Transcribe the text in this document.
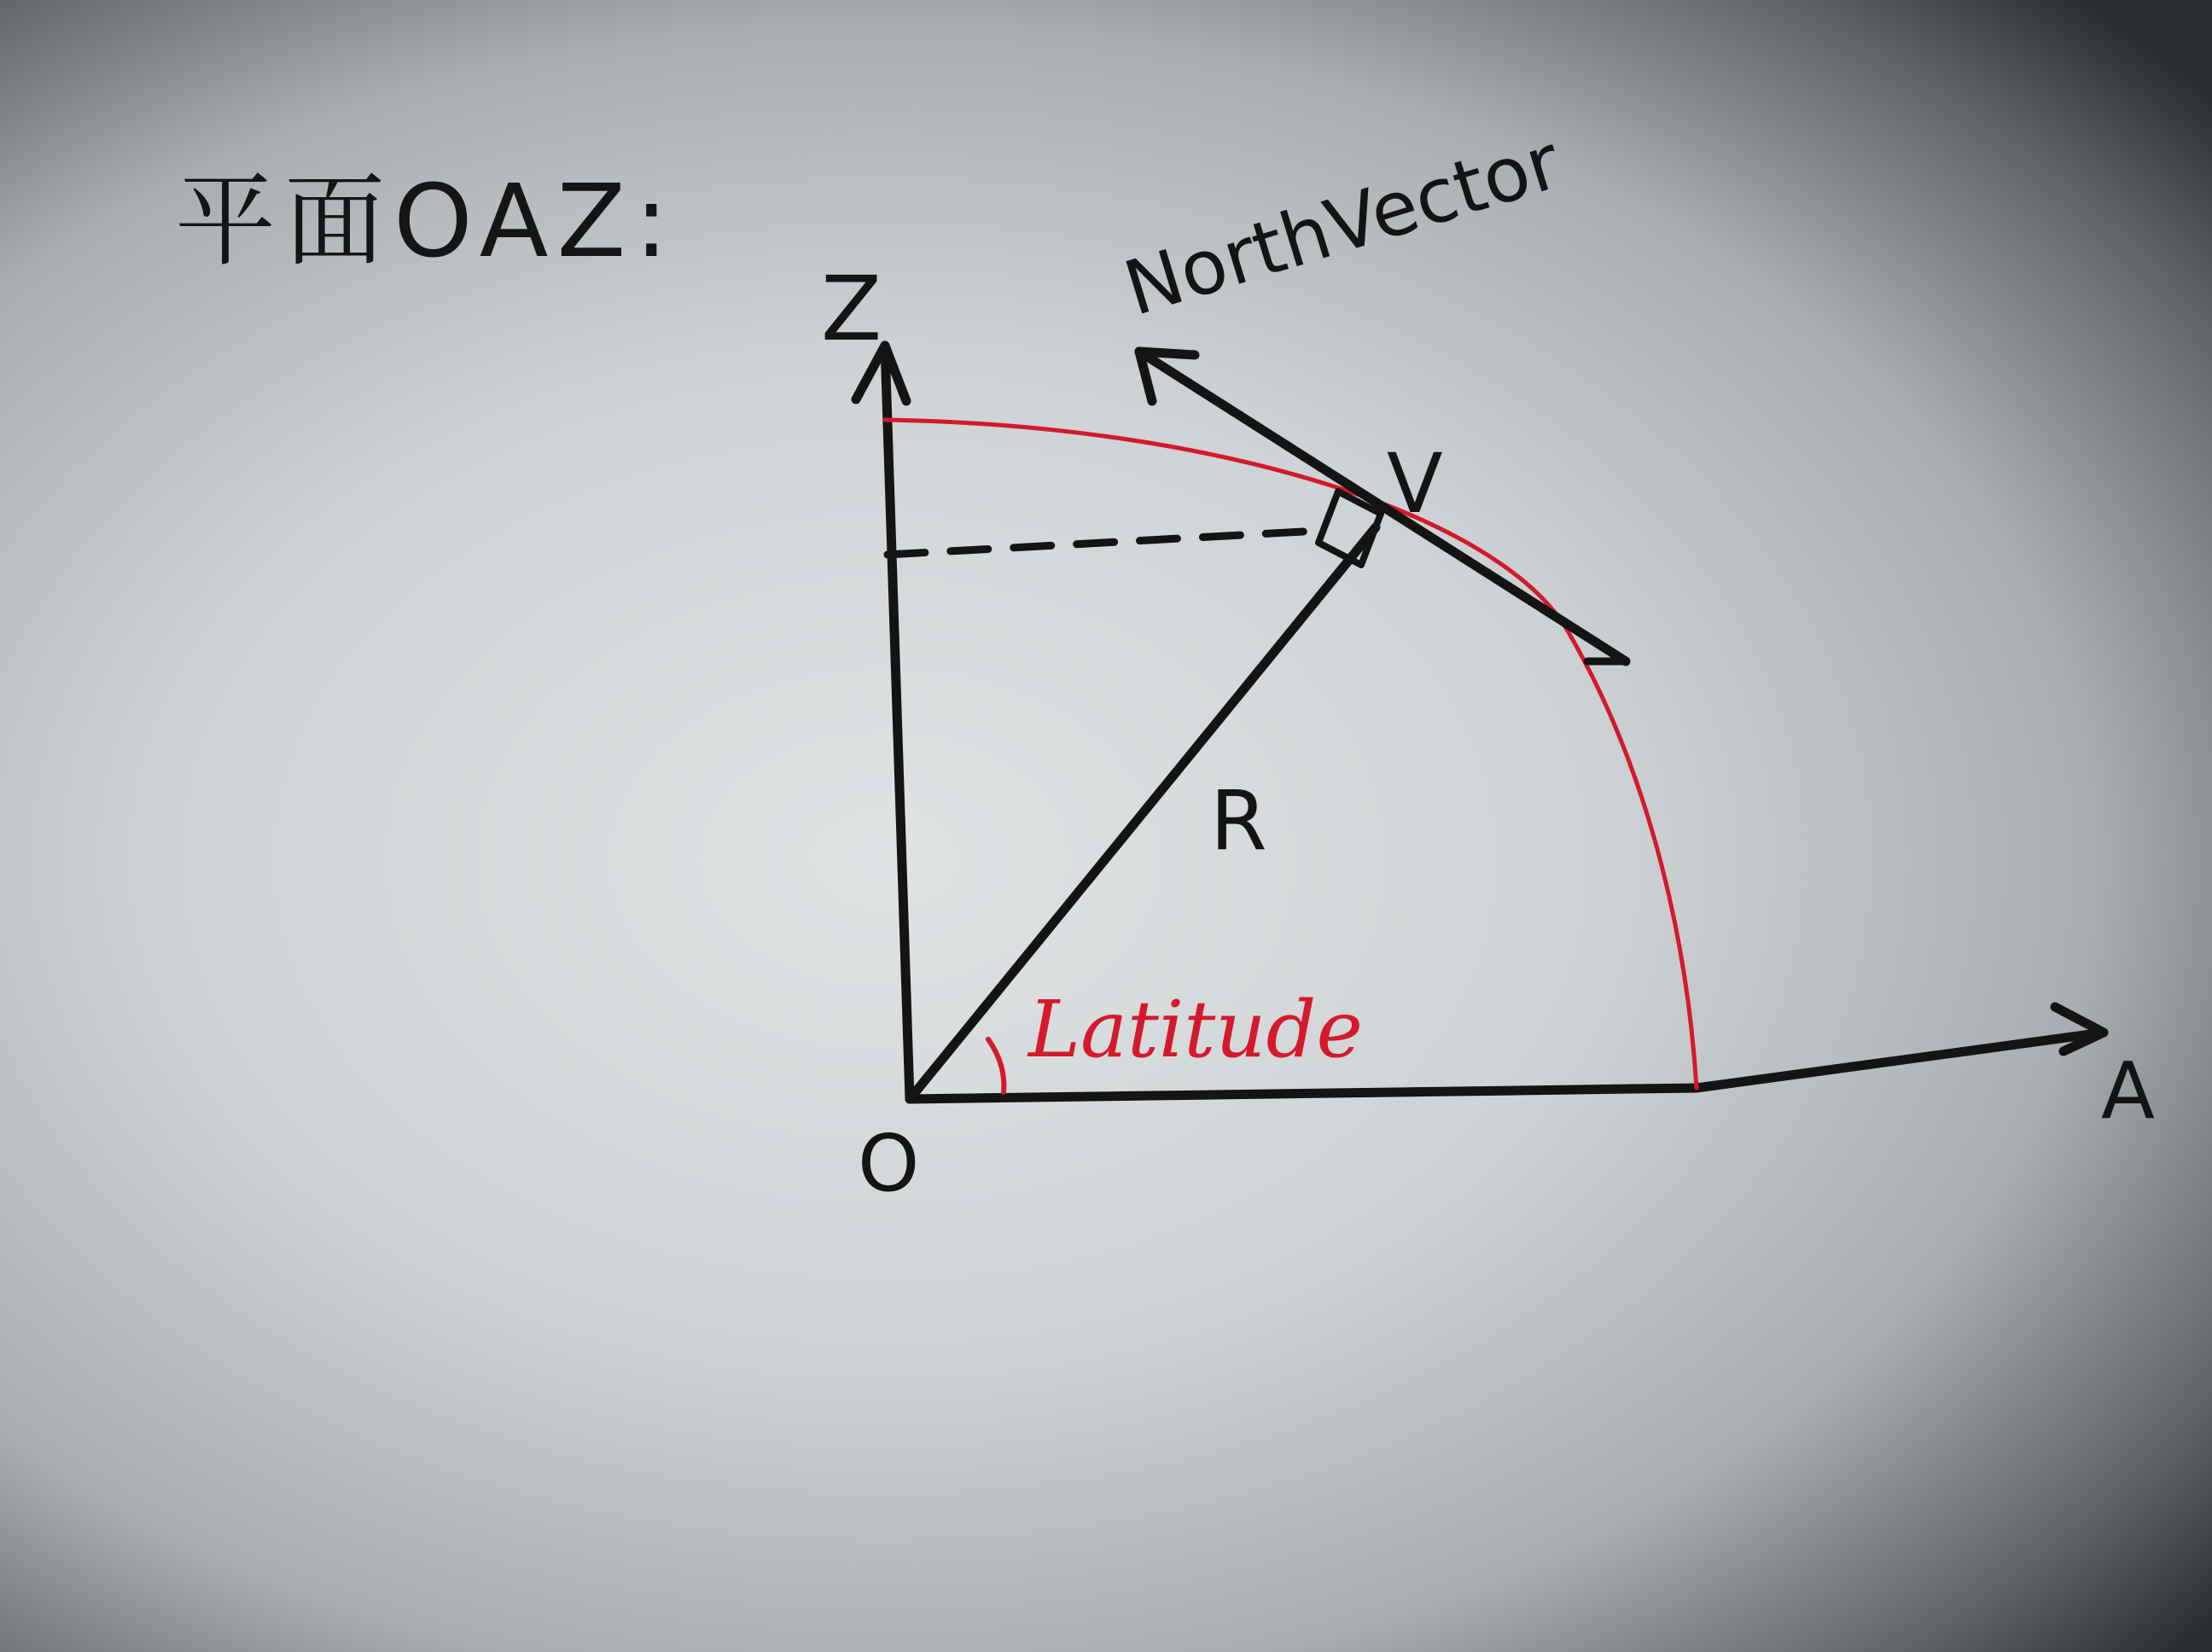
平面OAZ:
Z
A
O
R
NorthVector
V
Latitude
